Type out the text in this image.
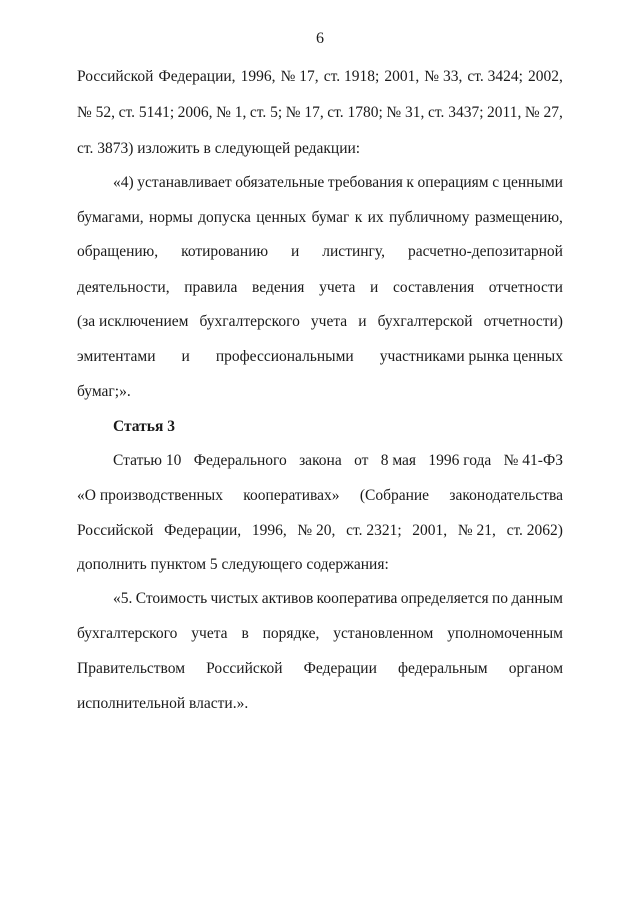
6
Российской Федерации, 1996, № 17, ст. 1918; 2001, № 33, ст. 3424; 2002,
№ 52, ст. 5141; 2006, № 1, ст. 5; № 17, ст. 1780; № 31, ст. 3437; 2011, № 27,
ст. 3873) изложить в следующей редакции:
«4) устанавливает обязательные требования к операциям с ценными
бумагами, нормы допуска ценных бумаг к их публичному размещению,
обращению, котированию и листингу, расчетно-депозитарной
деятельности, правила ведения учета и составления отчетности
(за исключением бухгалтерского учета и бухгалтерской отчетности)
эмитентами и профессиональными участниками рынка ценных
бумаг;».
Статья 3
Статью 10 Федерального закона от 8 мая 1996 года № 41-ФЗ
«О производственных кооперативах» (Собрание законодательства
Российской Федерации, 1996, № 20, ст. 2321; 2001, № 21, ст. 2062)
дополнить пунктом 5 следующего содержания:
«5. Стоимость чистых активов кооператива определяется по данным
бухгалтерского учета в порядке, установленном уполномоченным
Правительством Российской Федерации федеральным органом
исполнительной власти.».
